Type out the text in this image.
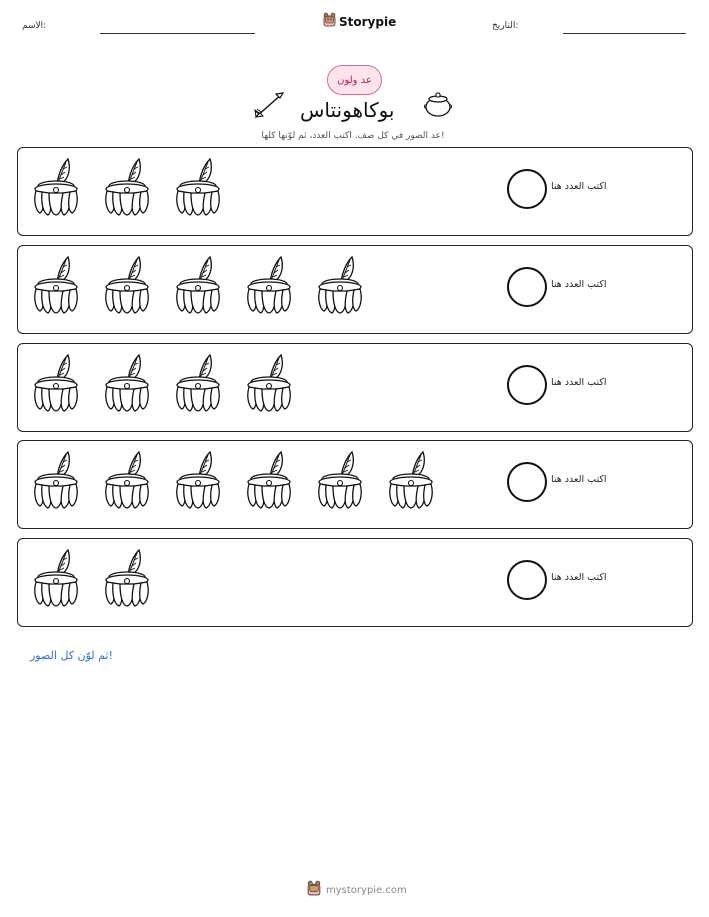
الاسم:	Storypie	التاريخ:
عد ولون
بوكاهونتاس
عد الصور في كل صف. اكتب العدد، ثم لوّنها كلها!
اكتب العدد هنا
اكتب العدد هنا
اكتب العدد هنا
اكتب العدد هنا
اكتب العدد هنا
ثم لوّن كل الصور!
mystorypie.com
